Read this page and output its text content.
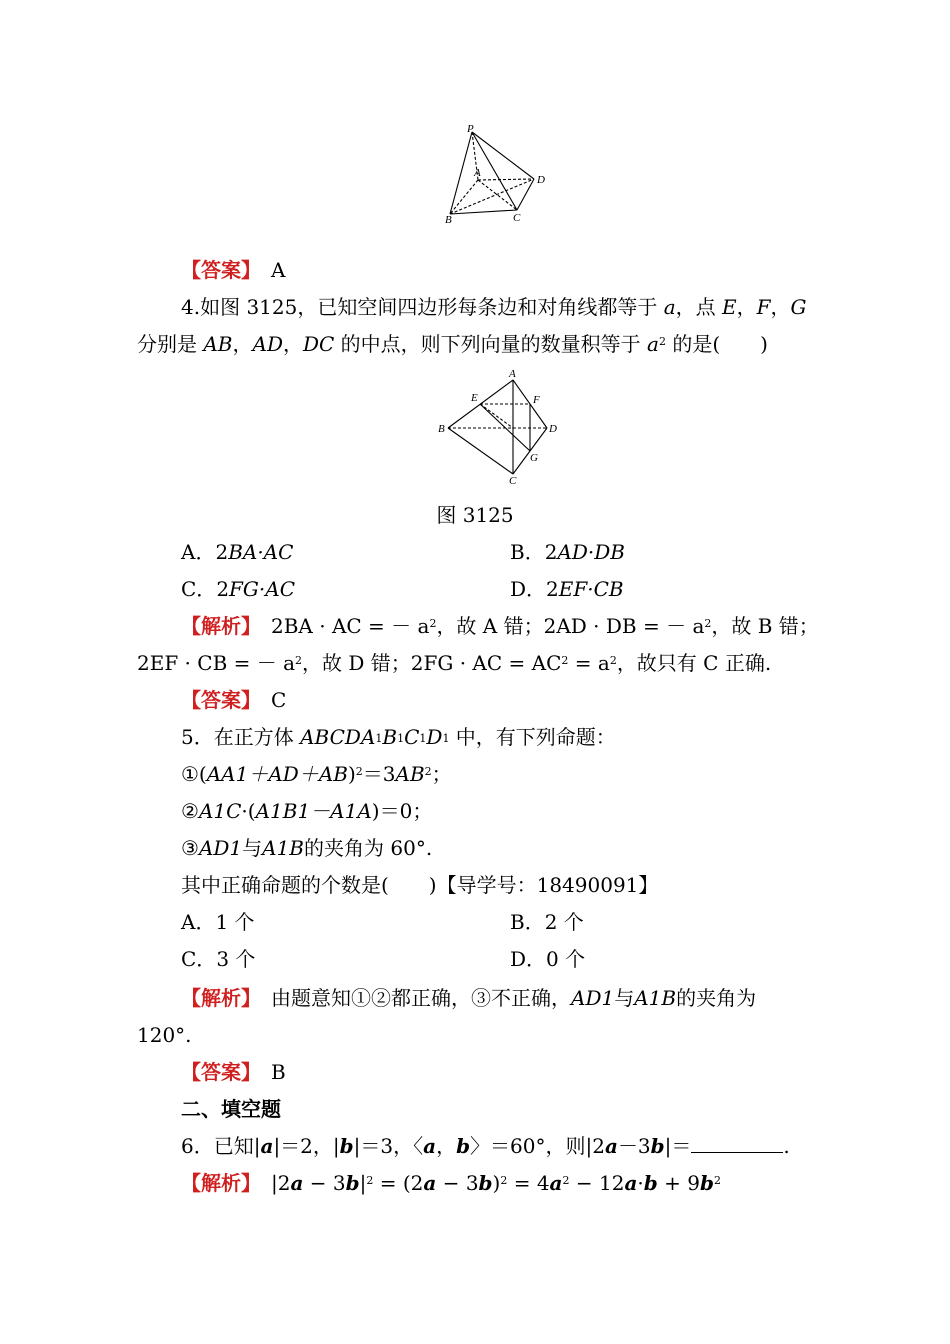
P
A
D
B	C
【答案】　 A
4.如图 3125，已知空间四边形每条边和对角线都等于 a，点 E，F，G
分别是 AB，AD，DC 的中点，则下列向量的数量积等于 $a^2$ 的是(　　)
A
E	F
B	D
G
C
图 3125
A．2BA·AC	B．2AD·DB
C．2FG·AC	D．2EF·CB
【解析】　 2BA · AC = － $a^2$，故 A 错；2AD · DB = － $a^2$，故 B 错；
2EF · CB = － $a^2$，故 D 错；2FG · AC = $AC^2 = a^2$，故只有 C 正确.
【答案】　 C
5．在正方体 $ABCDA_1B_1C_1D_1$ 中，有下列命题：
$①(AA1+AD+AB)^2=3AB^2$；
②A1C·(A1B1－A1A)＝0；
③AD1与A1B的夹角为 60°.
其中正确命题的个数是(　　)【导学号：18490091】
A．1 个	B．2 个
C．3 个	D．0 个
【解析】　 由题意知①②都正确，③不正确，AD1与A1B的夹角为
120°.
【答案】　 B
二、填空题
6．已知|a|＝2，|b|＝3，〈a，b〉＝60°，则|2a－3b|＝	.
【解析】　 $|2a - 3b|^2 = (2a - 3b)^2 = 4a^2 - 12a\cdot b + 9b^2$
